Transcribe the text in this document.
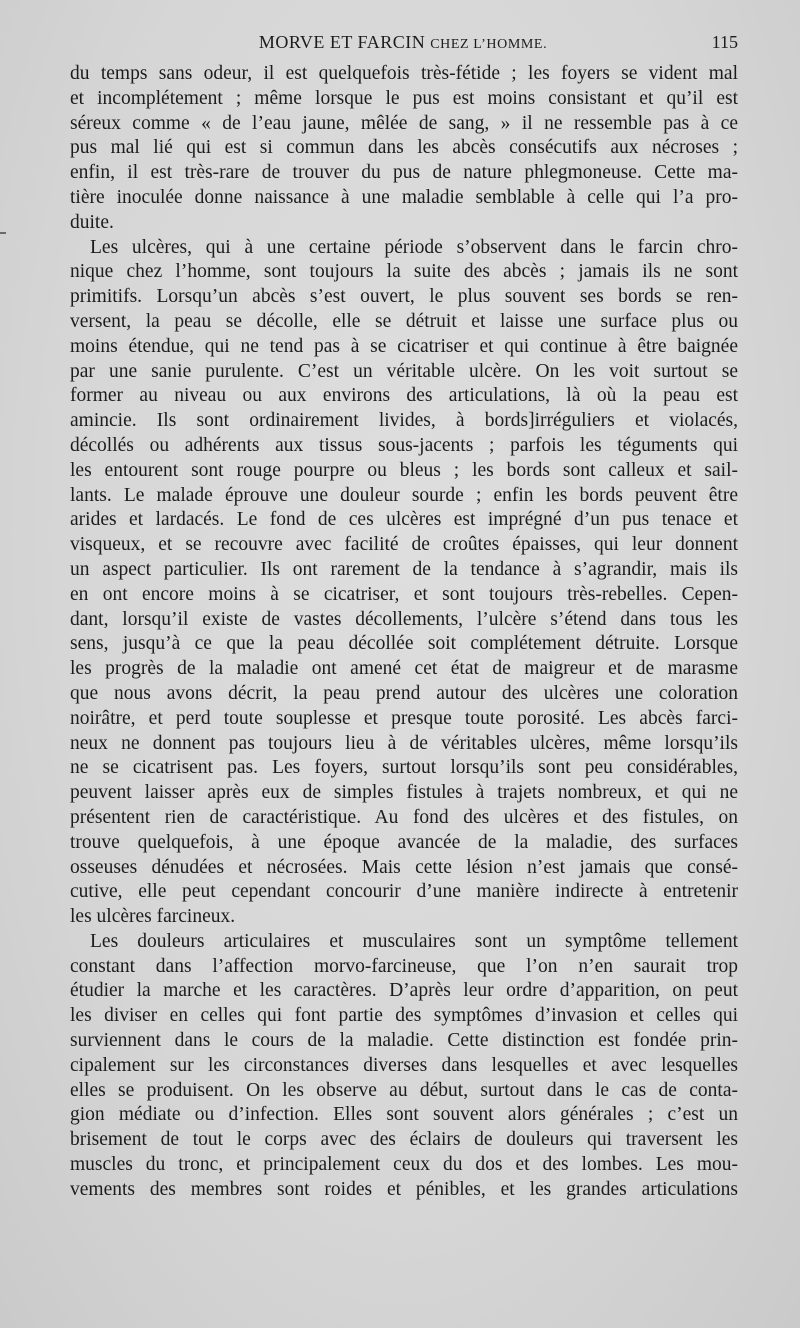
MORVE ET FARCIN CHEZ L’HOMME.	115
du temps sans odeur, il est quelquefois très-fétide ; les foyers se vident mal
et incomplétement ; même lorsque le pus est moins consistant et qu’il est
séreux comme « de l’eau jaune, mêlée de sang, » il ne ressemble pas à ce
pus mal lié qui est si commun dans les abcès consécutifs aux nécroses ;
enfin, il est très-rare de trouver du pus de nature phlegmoneuse. Cette ma-
tière inoculée donne naissance à une maladie semblable à celle qui l’a pro-
duite.
Les ulcères, qui à une certaine période s’observent dans le farcin chro-
nique chez l’homme, sont toujours la suite des abcès ; jamais ils ne sont
primitifs. Lorsqu’un abcès s’est ouvert, le plus souvent ses bords se ren-
versent, la peau se décolle, elle se détruit et laisse une surface plus ou
moins étendue, qui ne tend pas à se cicatriser et qui continue à être baignée
par une sanie purulente. C’est un véritable ulcère. On les voit surtout se
former au niveau ou aux environs des articulations, là où la peau est
amincie. Ils sont ordinairement livides, à bords]irréguliers et violacés,
décollés ou adhérents aux tissus sous-jacents ; parfois les téguments qui
les entourent sont rouge pourpre ou bleus ; les bords sont calleux et sail-
lants. Le malade éprouve une douleur sourde ; enfin les bords peuvent être
arides et lardacés. Le fond de ces ulcères est imprégné d’un pus tenace et
visqueux, et se recouvre avec facilité de croûtes épaisses, qui leur donnent
un aspect particulier. Ils ont rarement de la tendance à s’agrandir, mais ils
en ont encore moins à se cicatriser, et sont toujours très-rebelles. Cepen-
dant, lorsqu’il existe de vastes décollements, l’ulcère s’étend dans tous les
sens, jusqu’à ce que la peau décollée soit complétement détruite. Lorsque
les progrès de la maladie ont amené cet état de maigreur et de marasme
que nous avons décrit, la peau prend autour des ulcères une coloration
noirâtre, et perd toute souplesse et presque toute porosité. Les abcès farci-
neux ne donnent pas toujours lieu à de véritables ulcères, même lorsqu’ils
ne se cicatrisent pas. Les foyers, surtout lorsqu’ils sont peu considérables,
peuvent laisser après eux de simples fistules à trajets nombreux, et qui ne
présentent rien de caractéristique. Au fond des ulcères et des fistules, on
trouve quelquefois, à une époque avancée de la maladie, des surfaces
osseuses dénudées et nécrosées. Mais cette lésion n’est jamais que consé-
cutive, elle peut cependant concourir d’une manière indirecte à entretenir
les ulcères farcineux.
Les douleurs articulaires et musculaires sont un symptôme tellement
constant dans l’affection morvo-farcineuse, que l’on n’en saurait trop
étudier la marche et les caractères. D’après leur ordre d’apparition, on peut
les diviser en celles qui font partie des symptômes d’invasion et celles qui
surviennent dans le cours de la maladie. Cette distinction est fondée prin-
cipalement sur les circonstances diverses dans lesquelles et avec lesquelles
elles se produisent. On les observe au début, surtout dans le cas de conta-
gion médiate ou d’infection. Elles sont souvent alors générales ; c’est un
brisement de tout le corps avec des éclairs de douleurs qui traversent les
muscles du tronc, et principalement ceux du dos et des lombes. Les mou-
vements des membres sont roides et pénibles, et les grandes articulations
